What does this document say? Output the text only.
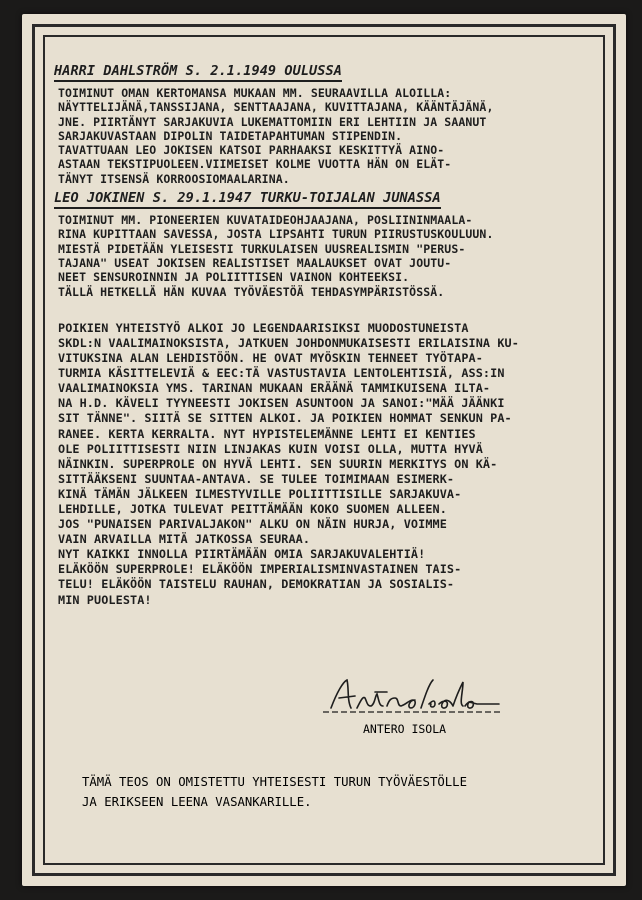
HARRI DAHLSTRÖM S. 2.1.1949 OULUSSA

TOIMINUT OMAN KERTOMANSA MUKAAN MM. SEURAAVILLA ALOILLA:
NÄYTTELIJÄNÄ,TANSSIJANA, SENTTAAJANA, KUVITTAJANA, KÄÄNTÄJÄNÄ,
JNE. PIIRTÄNYT SARJAKUVIA LUKEMATTOMIIN ERI LEHTIIN JA SAANUT
SARJAKUVASTAAN DIPOLIN TAIDETAPAHTUMAN STIPENDIN.
TAVATTUAAN LEO JOKISEN KATSOI PARHAAKSI KESKITTYÄ AINO-
ASTAAN TEKSTIPUOLEEN.VIIMEISET KOLME VUOTTA HÄN ON ELÄT-
TÄNYT ITSENSÄ KORROOSIOMAALARINA.

LEO JOKINEN S. 29.1.1947 TURKU-TOIJALAN JUNASSA

TOIMINUT MM. PIONEERIEN KUVATAIDEOHJAAJANA, POSLIININMAALA-
RINA KUPITTAAN SAVESSA, JOSTA LIPSAHTI TURUN PIIRUSTUSKOULUUN.
MIESTÄ PIDETÄÄN YLEISESTI TURKULAISEN UUSREALISMIN "PERUS-
TAJANA" USEAT JOKISEN REALISTISET MAALAUKSET OVAT JOUTU-
NEET SENSUROINNIN JA POLIITTISEN VAINON KOHTEEKSI.
TÄLLÄ HETKELLÄ HÄN KUVAA TYÖVÄESTÖÄ TEHDASYMPÄRISTÖSSÄ.
POIKIEN YHTEISTYÖ ALKOI JO LEGENDAARISIKSI MUODOSTUNEISTA
SKDL:N VAALIMAINOKSISTA, JATKUEN JOHDONMUKAISESTI ERILAISINA KU-
VITUKSINA ALAN LEHDISTÖÖN. HE OVAT MYÖSKIN TEHNEET TYÖTAPA-
TURMIA KÄSITTELEVIÄ & EEC:TÄ VASTUSTAVIA LENTOLEHTISIÄ, ASS:IN
VAALIMAINOKSIA YMS. TARINAN MUKAAN ERÄÄNÄ TAMMIKUISENA ILTA-
NA H.D. KÄVELI TYYNEESTI JOKISEN ASUNTOON JA SANOI:"MÄÄ JÄÄNKI
SIT TÄNNE". SIITÄ SE SITTEN ALKOI. JA POIKIEN HOMMAT SENKUN PA-
RANEE. KERTA KERRALTA. NYT HYPISTELEMÄNNE LEHTI EI KENTIES
OLE POLIITTISESTI NIIN LINJAKAS KUIN VOISI OLLA, MUTTA HYVÄ
NÄINKIN. SUPERPROLE ON HYVÄ LEHTI. SEN SUURIN MERKITYS ON KÄ-
SITTÄÄKSENI SUUNTAA-ANTAVA. SE TULEE TOIMIMAAN ESIMERK-
KINÄ TÄMÄN JÄLKEEN ILMESTYVILLE POLIITTISILLE SARJAKUVA-
LEHDILLE, JOTKA TULEVAT PEITTÄMÄÄN KOKO SUOMEN ALLEEN.
JOS "PUNAISEN PARIVALJAKON" ALKU ON NÄIN HURJA, VOIMME
VAIN ARVAILLA MITÄ JATKOSSA SEURAA.
NYT KAIKKI INNOLLA PIIRTÄMÄÄN OMIA SARJAKUVALEHTIÄ!
ELÄKÖÖN SUPERPROLE! ELÄKÖÖN IMPERIALISMINVASTAINEN TAIS-
TELU! ELÄKÖÖN TAISTELU RAUHAN, DEMOKRATIAN JA SOSIALIS-
MIN PUOLESTA!
ANTERO ISOLA
TÄMÄ TEOS ON OMISTETTU YHTEISESTI TURUN TYÖVÄESTÖLLE
JA ERIKSEEN LEENA VASANKARILLE.
